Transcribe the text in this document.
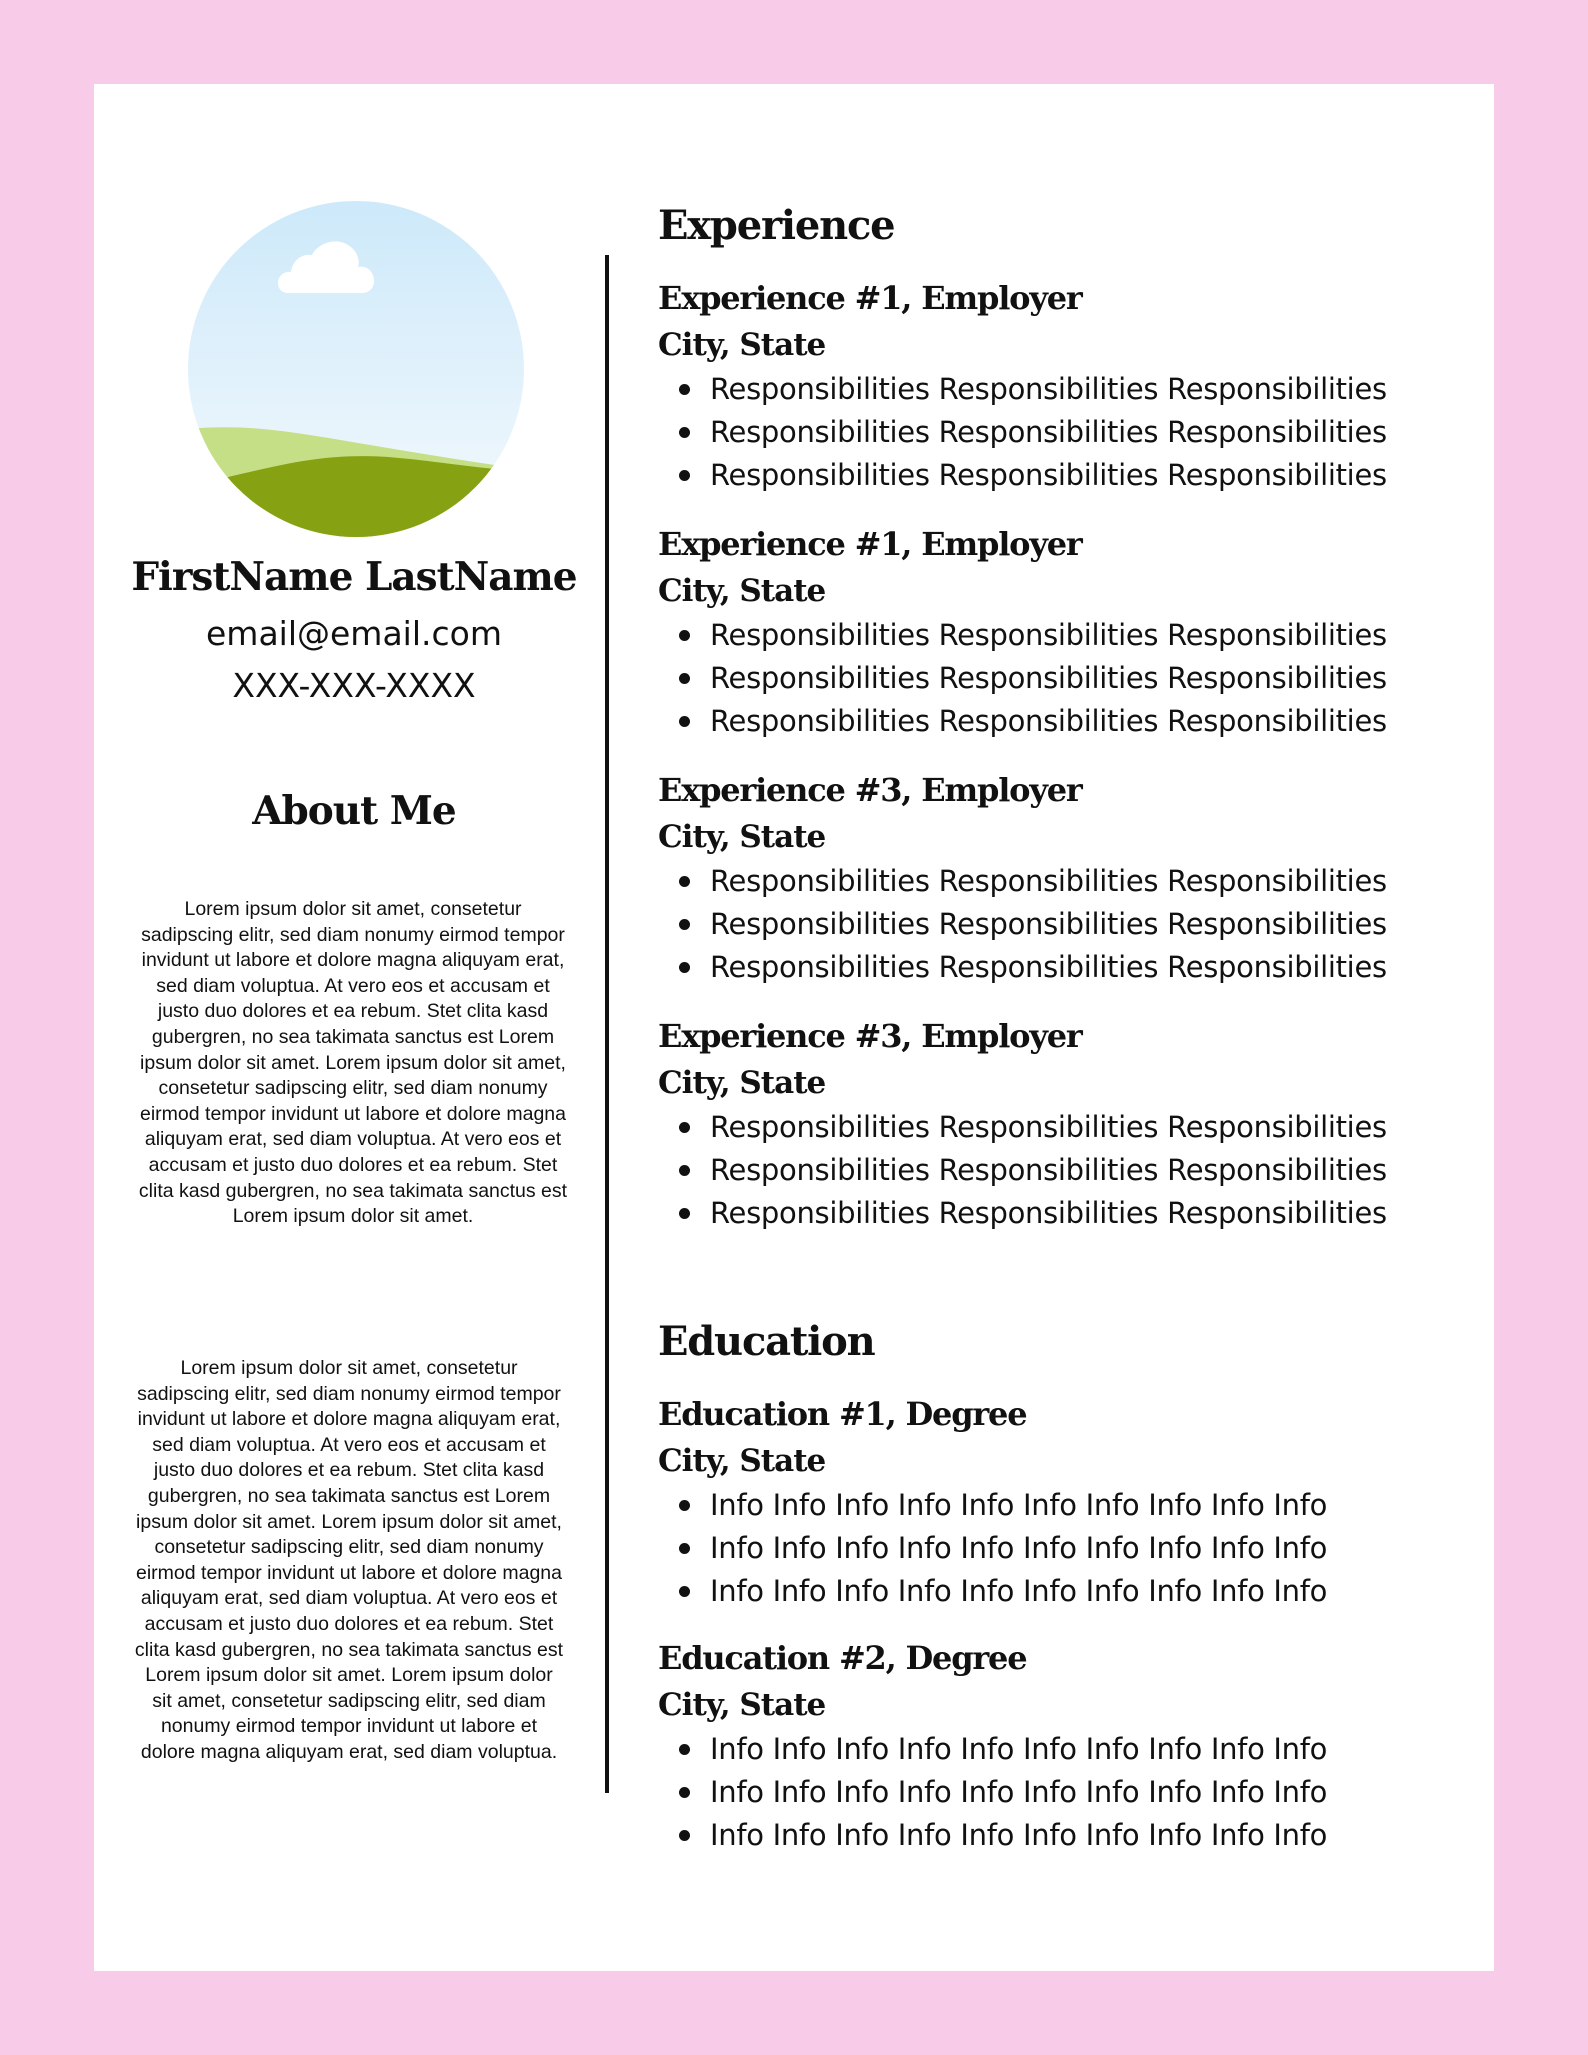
FirstName LastName
email@email.com
XXX-XXX-XXXX
About Me
Lorem ipsum dolor sit amet, consetetur sadipscing elitr, sed diam nonumy eirmod tempor invidunt ut labore et dolore magna aliquyam erat, sed diam voluptua. At vero eos et accusam et justo duo dolores et ea rebum. Stet clita kasd gubergren, no sea takimata sanctus est Lorem ipsum dolor sit amet. Lorem ipsum dolor sit amet, consetetur sadipscing elitr, sed diam nonumy eirmod tempor invidunt ut labore et dolore magna aliquyam erat, sed diam voluptua. At vero eos et accusam et justo duo dolores et ea rebum. Stet clita kasd gubergren, no sea takimata sanctus est Lorem ipsum dolor sit amet.
Lorem ipsum dolor sit amet, consetetur sadipscing elitr, sed diam nonumy eirmod tempor invidunt ut labore et dolore magna aliquyam erat, sed diam voluptua. At vero eos et accusam et justo duo dolores et ea rebum. Stet clita kasd gubergren, no sea takimata sanctus est Lorem ipsum dolor sit amet. Lorem ipsum dolor sit amet, consetetur sadipscing elitr, sed diam nonumy eirmod tempor invidunt ut labore et dolore magna aliquyam erat, sed diam voluptua. At vero eos et accusam et justo duo dolores et ea rebum. Stet clita kasd gubergren, no sea takimata sanctus est Lorem ipsum dolor sit amet. Lorem ipsum dolor sit amet, consetetur sadipscing elitr, sed diam nonumy eirmod tempor invidunt ut labore et dolore magna aliquyam erat, sed diam voluptua.
Experience
Experience #1, Employer
City, State
Responsibilities Responsibilities Responsibilities
Responsibilities Responsibilities Responsibilities
Responsibilities Responsibilities Responsibilities
Experience #1, Employer
City, State
Responsibilities Responsibilities Responsibilities
Responsibilities Responsibilities Responsibilities
Responsibilities Responsibilities Responsibilities
Experience #3, Employer
City, State
Responsibilities Responsibilities Responsibilities
Responsibilities Responsibilities Responsibilities
Responsibilities Responsibilities Responsibilities
Experience #3, Employer
City, State
Responsibilities Responsibilities Responsibilities
Responsibilities Responsibilities Responsibilities
Responsibilities Responsibilities Responsibilities
Education
Education #1, Degree
City, State
Info Info Info Info Info Info Info Info Info Info
Info Info Info Info Info Info Info Info Info Info
Info Info Info Info Info Info Info Info Info Info
Education #2, Degree
City, State
Info Info Info Info Info Info Info Info Info Info
Info Info Info Info Info Info Info Info Info Info
Info Info Info Info Info Info Info Info Info Info
